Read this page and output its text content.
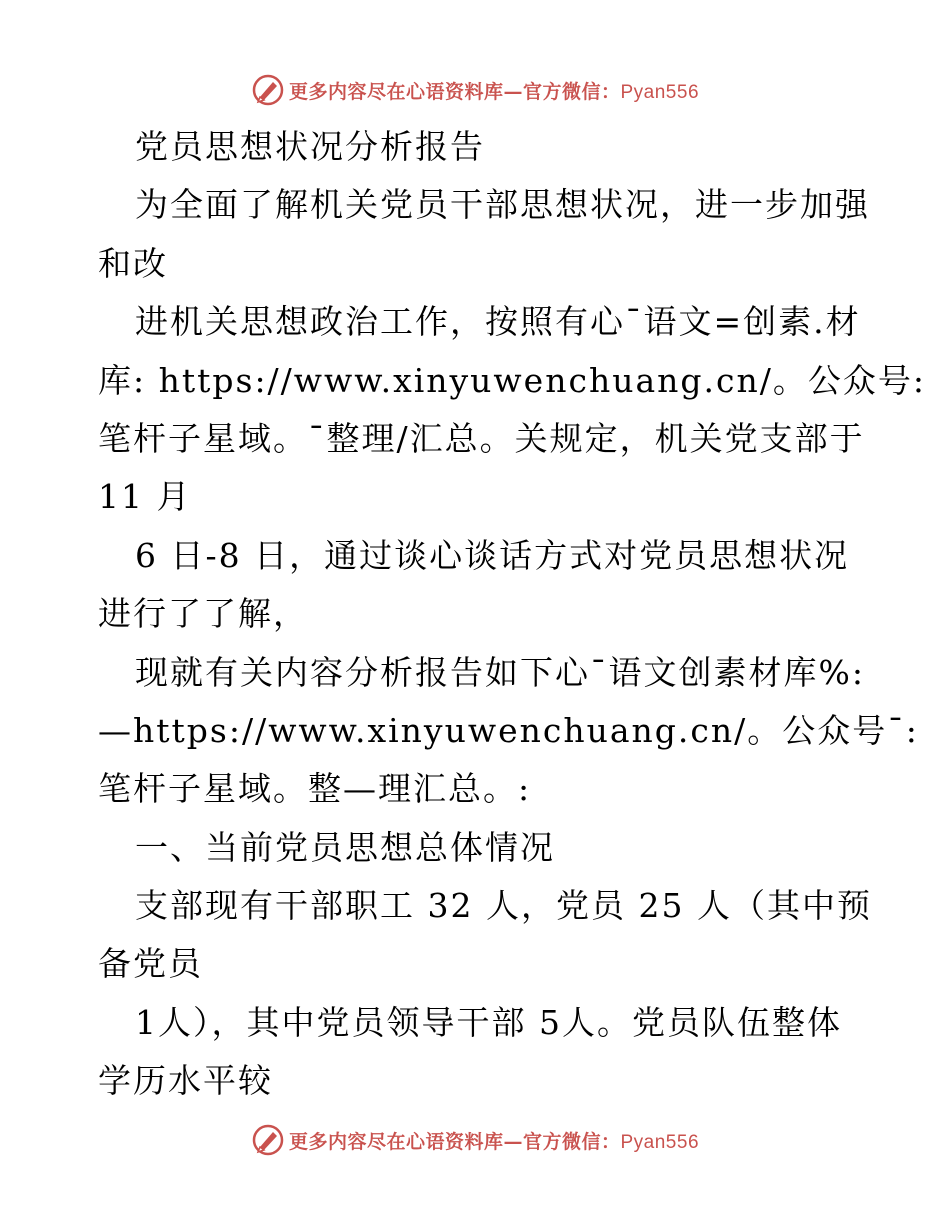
更多内容尽在心语资料库—官方微信：Pyan556
党员思想状况分析报告
为全面了解机关党员干部思想状况，进一步加强
和改
进机关思想政治工作，按照有心¯语文=创素.材
库: https://www.xinyuwenchuang.cn/。公众号:
笔杆子星域。¯整理/汇总。关规定，机关党支部于
11 月
6 日-8 日，通过谈心谈话方式对党员思想状况
进行了了解，
现就有关内容分析报告如下心¯语文创素材库%:
—https://www.xinyuwenchuang.cn/。公众号¯:
笔杆子星域。整—理汇总。:
一、当前党员思想总体情况
支部现有干部职工 32 人，党员 25 人（其中预
备党员
1人），其中党员领导干部 5人。党员队伍整体
学历水平较
更多内容尽在心语资料库—官方微信：Pyan556
